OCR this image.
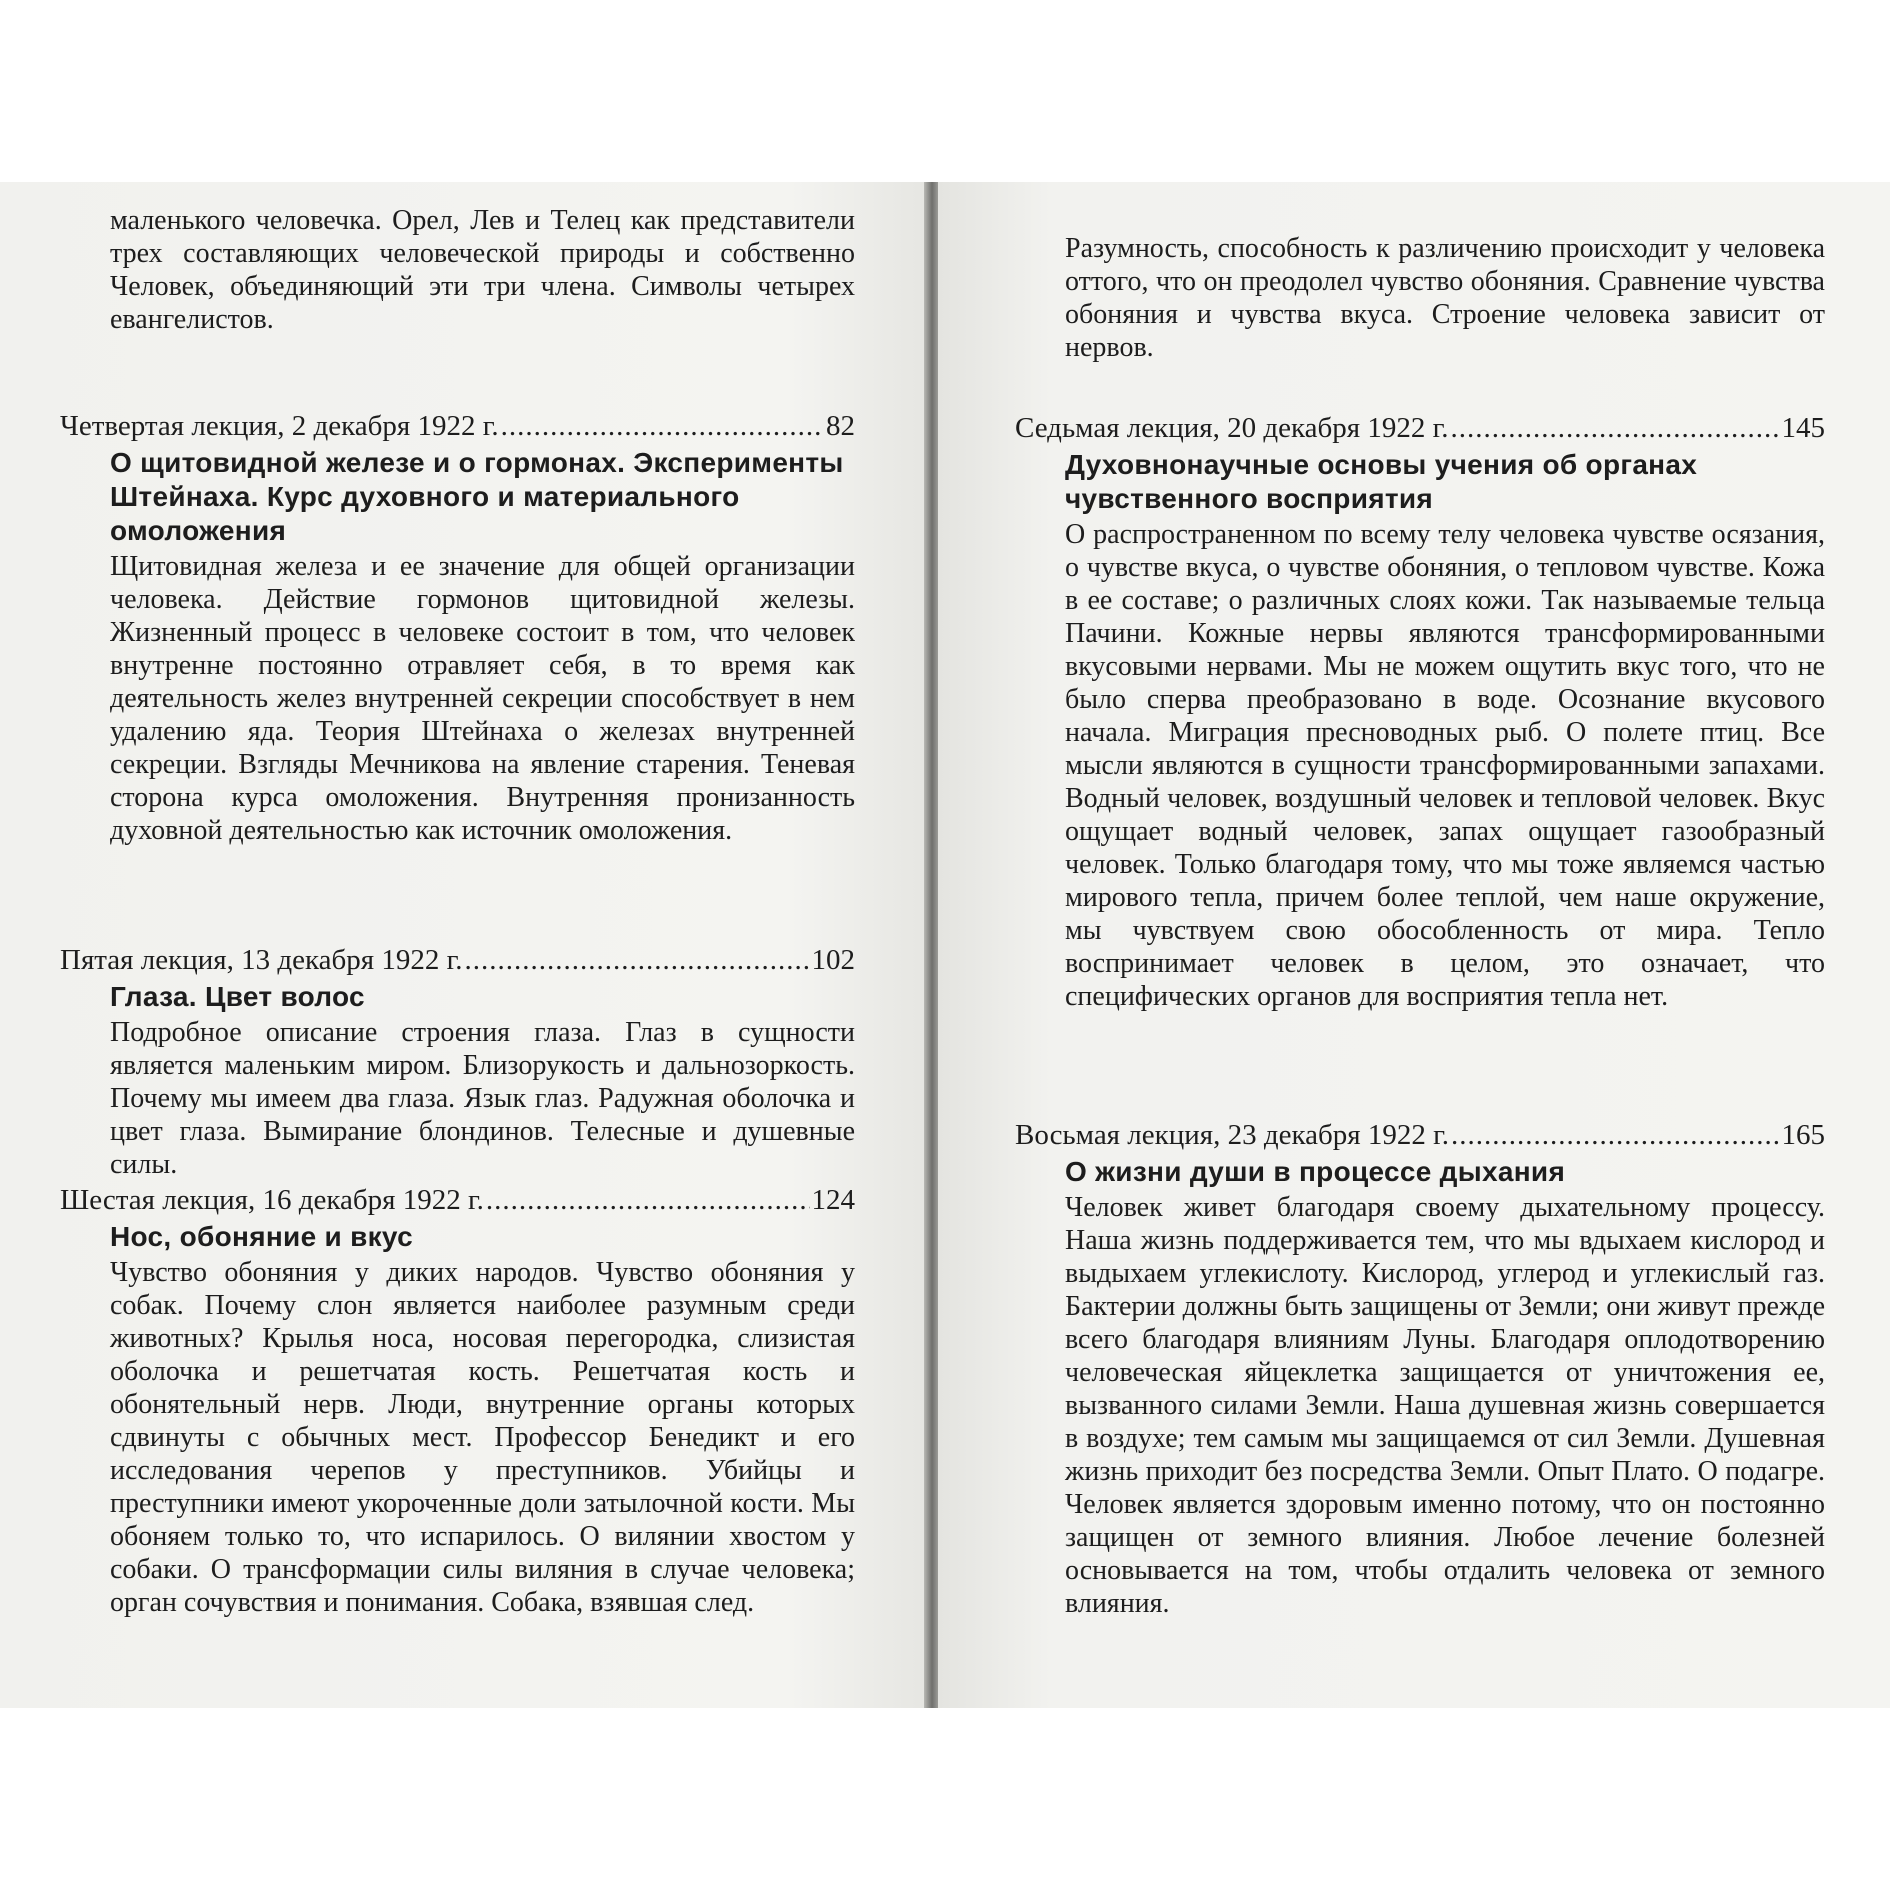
маленького человечка. Орел, Лев и Телец как представители трех составляющих человеческой природы и собственно Человек, объединяющий эти три члена. Символы четырех евангелистов.

Четвертая лекция, 2 декабря 1922 г. .....	82

О щитовидной железе и о гормонах. Эксперименты Штейнаха. Курс духовного и материального омоложения

Щитовидная железа и ее значение для общей организации человека. Действие гормонов щитовидной железы. Жизненный процесс в человеке состоит в том, что человек внутренне постоянно отравляет себя, в то время как деятельность желез внутренней секреции способствует в нем удалению яда. Теория Штейнаха о железах внутренней секреции. Взгляды Мечникова на явление старения. Теневая сторона курса омоложения. Внутренняя пронизанность духовной деятельностью как источник омоложения.

Пятая лекция, 13 декабря 1922 г. .....	102

Глаза. Цвет волос

Подробное описание строения глаза. Глаз в сущности является маленьким миром. Близорукость и дальнозоркость. Почему мы имеем два глаза. Язык глаз. Радужная оболочка и цвет глаза. Вымирание блондинов. Телесные и душевные силы.

Шестая лекция, 16 декабря 1922 г. .....	124

Нос, обоняние и вкус

Чувство обоняния у диких народов. Чувство обоняния у собак. Почему слон является наиболее разумным среди животных? Крылья носа, носовая перегородка, слизистая оболочка и решетчатая кость. Решетчатая кость и обонятельный нерв. Люди, внутренние органы которых сдвинуты с обычных мест. Профессор Бенедикт и его исследования черепов у преступников. Убийцы и преступники имеют укороченные доли затылочной кости. Мы обоняем только то, что испарилось. О вилянии хвостом у собаки. О трансформации силы виляния в случае человека; орган сочувствия и понимания. Собака, взявшая след.

Разумность, способность к различению происходит у человека оттого, что он преодолел чувство обоняния. Сравнение чувства обоняния и чувства вкуса. Строение человека зависит от нервов.

Седьмая лекция, 20 декабря 1922 г. .....	145

Духовнонаучные основы учения об органах чувственного восприятия

О распространенном по всему телу человека чувстве осязания, о чувстве вкуса, о чувстве обоняния, о тепловом чувстве. Кожа в ее составе; о различных слоях кожи. Так называемые тельца Пачини. Кожные нервы являются трансформированными вкусовыми нервами. Мы не можем ощутить вкус того, что не было сперва преобразовано в воде. Осознание вкусового начала. Миграция пресноводных рыб. О полете птиц. Все мысли являются в сущности трансформированными запахами. Водный человек, воздушный человек и тепловой человек. Вкус ощущает водный человек, запах ощущает газообразный человек. Только благодаря тому, что мы тоже являемся частью мирового тепла, причем более теплой, чем наше окружение, мы чувствуем свою обособленность от мира. Тепло воспринимает человек в целом, это означает, что специфических органов для восприятия тепла нет.

Восьмая лекция, 23 декабря 1922 г. .....	165

О жизни души в процессе дыхания

Человек живет благодаря своему дыхательному процессу. Наша жизнь поддерживается тем, что мы вдыхаем кислород и выдыхаем углекислоту. Кислород, углерод и углекислый газ. Бактерии должны быть защищены от Земли; они живут прежде всего благодаря влияниям Луны. Благодаря оплодотворению человеческая яйцеклетка защищается от уничтожения ее, вызванного силами Земли. Наша душевная жизнь совершается в воздухе; тем самым мы защищаемся от сил Земли. Душевная жизнь приходит без посредства Земли. Опыт Плато. О подагре. Человек является здоровым именно потому, что он постоянно защищен от земного влияния. Любое лечение болезней основывается на том, чтобы отдалить человека от земного влияния.
